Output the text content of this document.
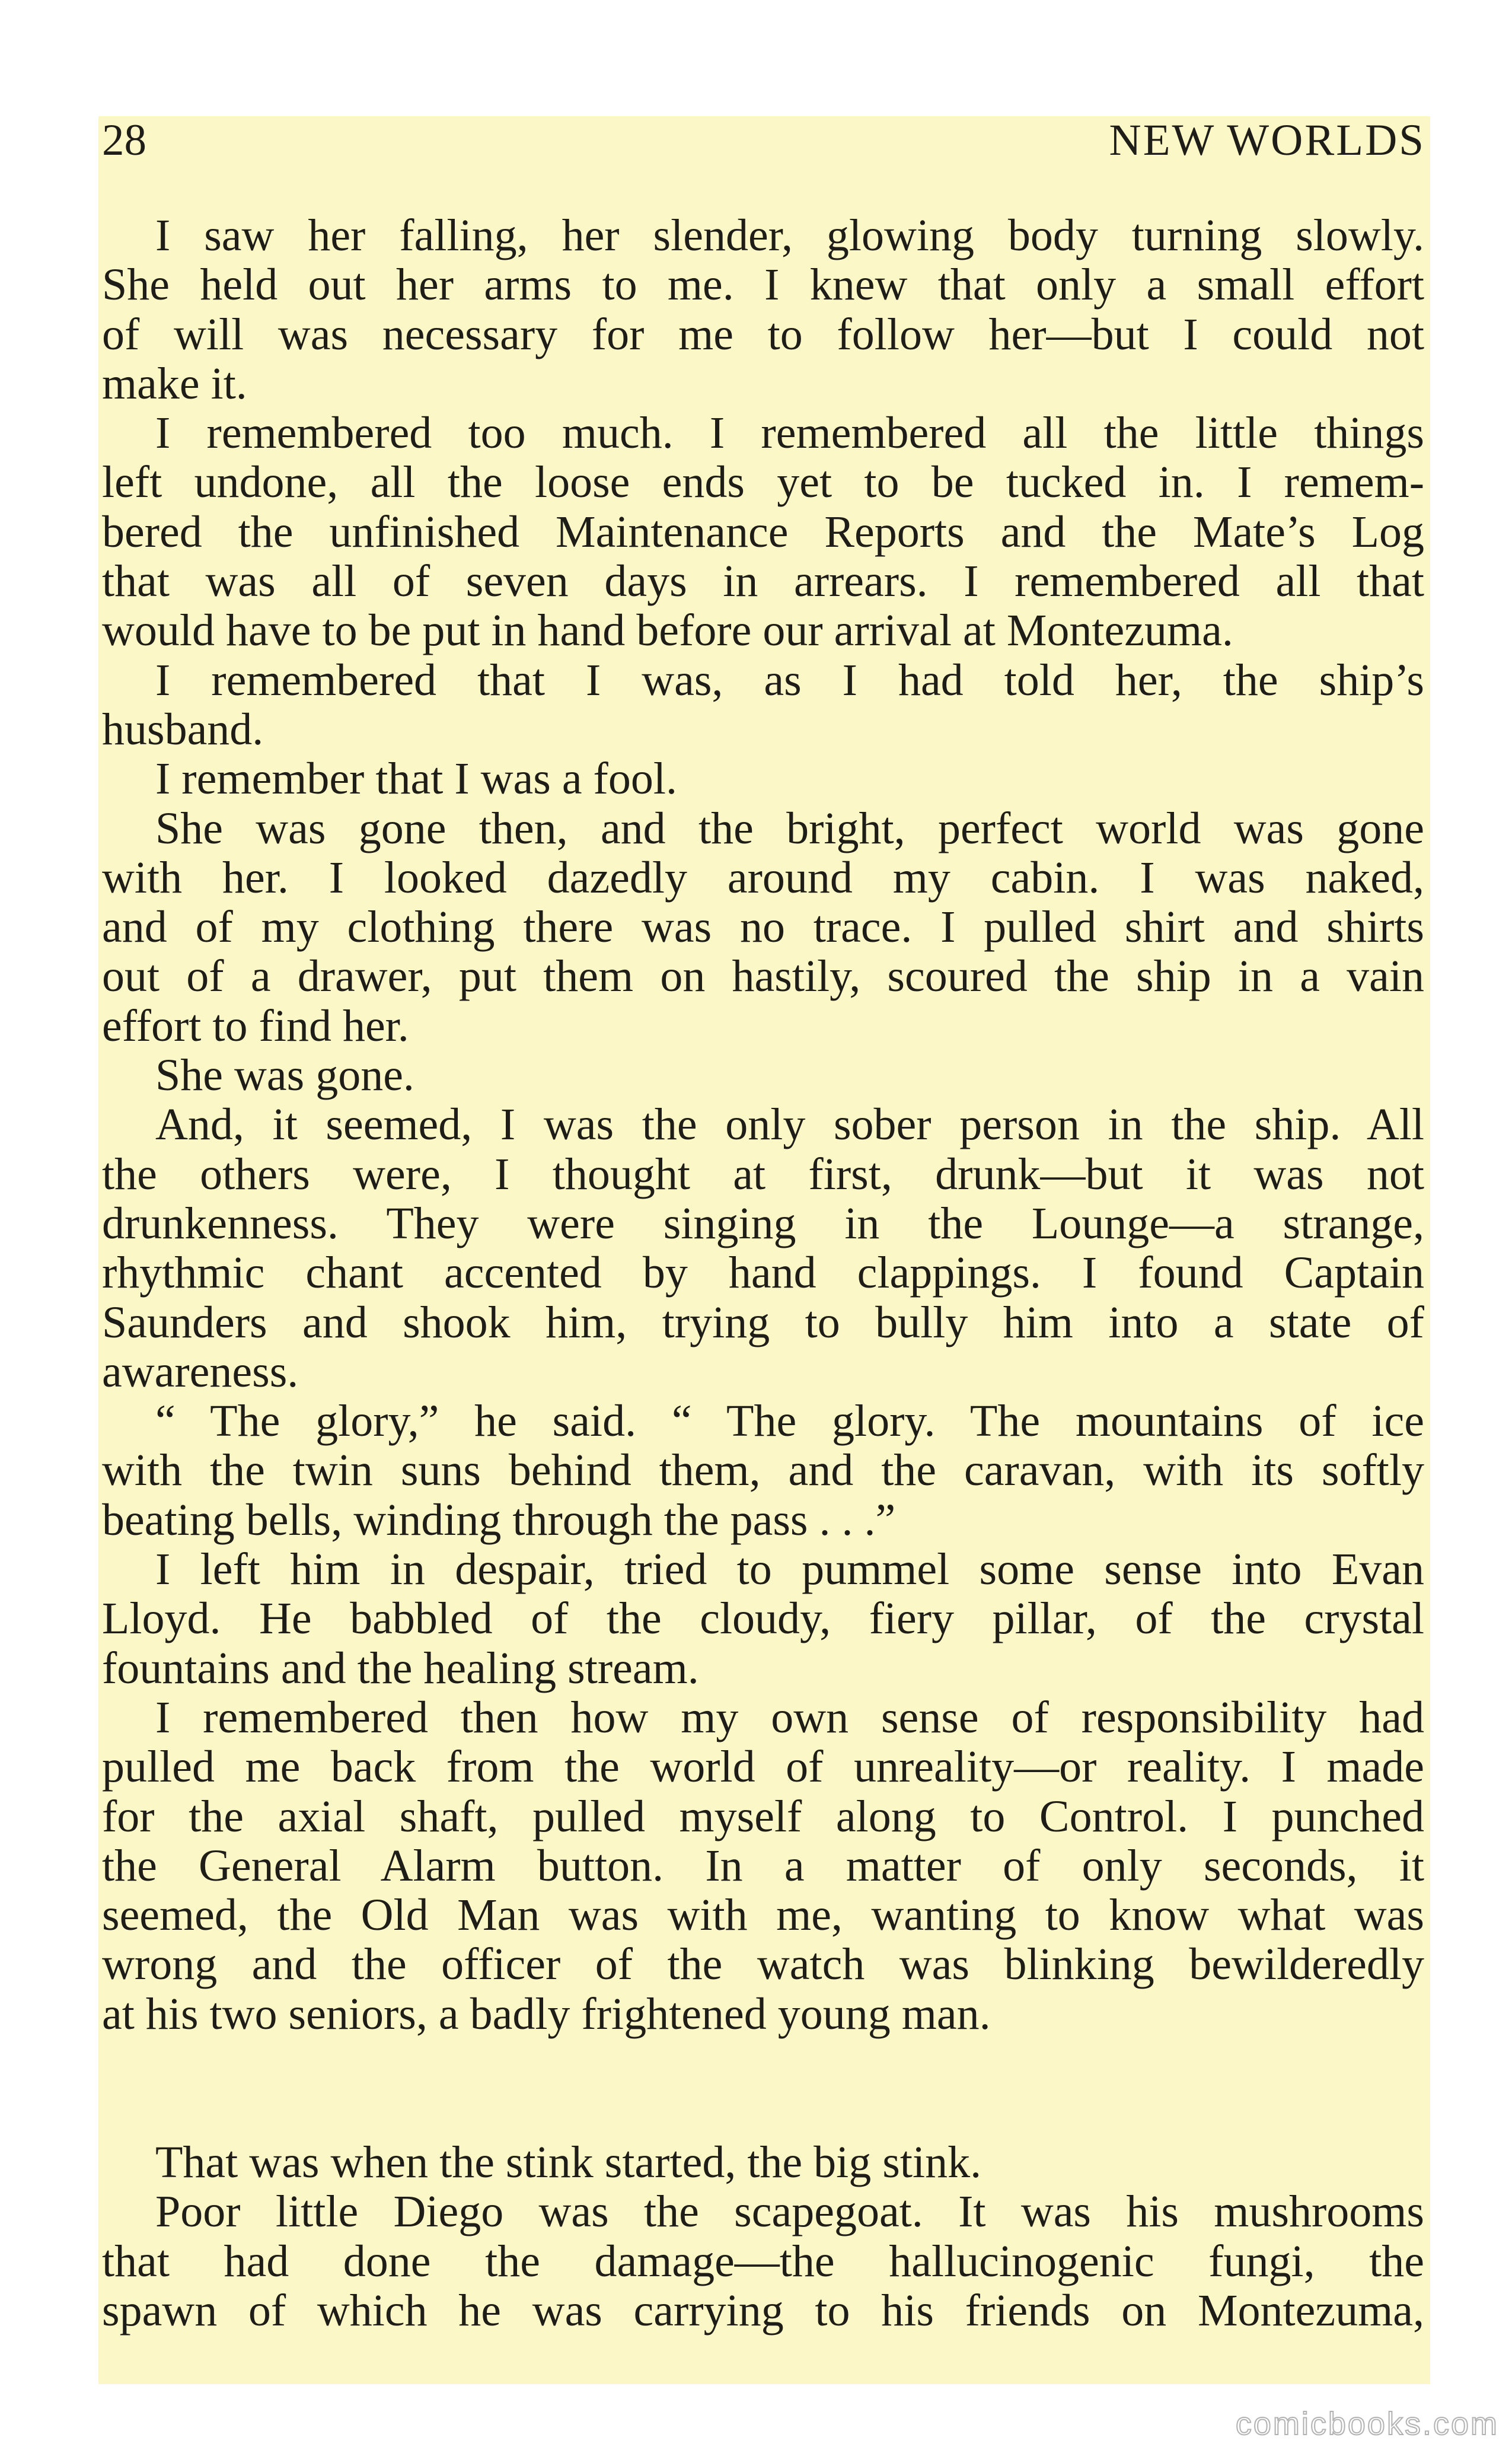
28	NEW WORLDS

I saw her falling, her slender, glowing body turning slowly.

She held out her arms to me. I knew that only a small effort

of will was necessary for me to follow her—but I could not

make it.

I remembered too much. I remembered all the little things

left undone, all the loose ends yet to be tucked in. I remem-

bered the unfinished Maintenance Reports and the Mate’s Log

that was all of seven days in arrears. I remembered all that

would have to be put in hand before our arrival at Montezuma.

I remembered that I was, as I had told her, the ship’s

husband.

I remember that I was a fool.

She was gone then, and the bright, perfect world was gone

with her. I looked dazedly around my cabin. I was naked,

and of my clothing there was no trace. I pulled shirt and shirts

out of a drawer, put them on hastily, scoured the ship in a vain

effort to find her.

She was gone.

And, it seemed, I was the only sober person in the ship. All

the others were, I thought at first, drunk—but it was not

drunkenness. They were singing in the Lounge—a strange,

rhythmic chant accented by hand clappings. I found Captain

Saunders and shook him, trying to bully him into a state of

awareness.

“ The glory,” he said. “ The glory. The mountains of ice

with the twin suns behind them, and the caravan, with its softly

beating bells, winding through the pass . . .”

I left him in despair, tried to pummel some sense into Evan

Lloyd. He babbled of the cloudy, fiery pillar, of the crystal

fountains and the healing stream.

I remembered then how my own sense of responsibility had

pulled me back from the world of unreality—or reality. I made

for the axial shaft, pulled myself along to Control. I punched

the General Alarm button. In a matter of only seconds, it

seemed, the Old Man was with me, wanting to know what was

wrong and the officer of the watch was blinking bewilderedly

at his two seniors, a badly frightened young man.

That was when the stink started, the big stink.

Poor little Diego was the scapegoat. It was his mushrooms

that had done the damage—the hallucinogenic fungi, the

spawn of which he was carrying to his friends on Montezuma,

comicbooks.com
